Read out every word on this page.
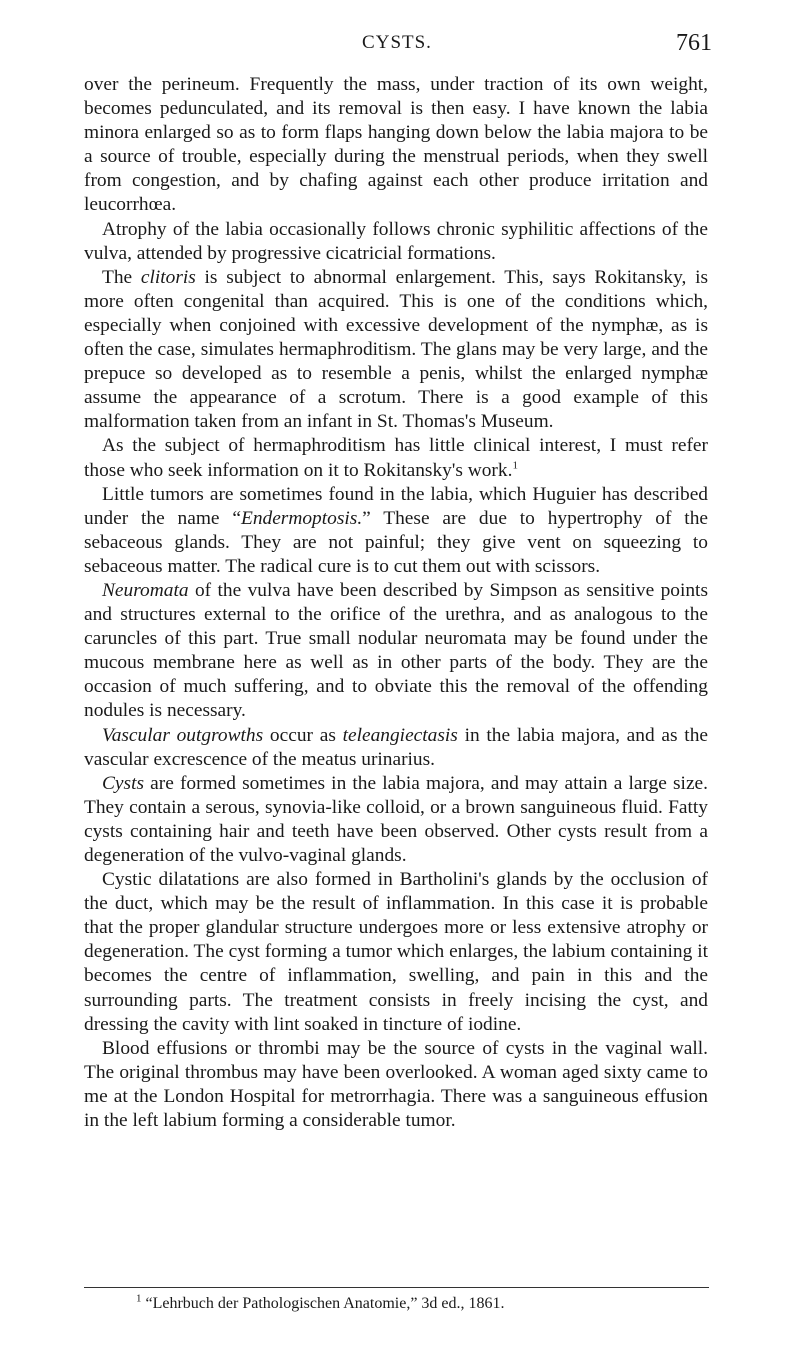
CYSTS.	761

over the perineum. Frequently the mass, under traction of its own weight, becomes pedunculated, and its removal is then easy. I have known the labia minora enlarged so as to form flaps hanging down below the labia majora to be a source of trouble, especially during the menstrual periods, when they swell from congestion, and by chafing against each other produce irritation and leucorrhœa.

Atrophy of the labia occasionally follows chronic syphilitic affections of the vulva, attended by progressive cicatricial formations.

The clitoris is subject to abnormal enlargement. This, says Rokitansky, is more often congenital than acquired. This is one of the conditions which, especially when conjoined with excessive development of the nymphæ, as is often the case, simulates hermaphroditism. The glans may be very large, and the prepuce so developed as to resemble a penis, whilst the enlarged nymphæ assume the appearance of a scrotum. There is a good example of this malformation taken from an infant in St. Thomas's Museum.

As the subject of hermaphroditism has little clinical interest, I must refer those who seek information on it to Rokitansky's work.$^1$

Little tumors are sometimes found in the labia, which Huguier has described under the name “Endermoptosis.” These are due to hypertrophy of the sebaceous glands. They are not painful; they give vent on squeezing to sebaceous matter. The radical cure is to cut them out with scissors.

Neuromata of the vulva have been described by Simpson as sensitive points and structures external to the orifice of the urethra, and as analogous to the caruncles of this part. True small nodular neuromata may be found under the mucous membrane here as well as in other parts of the body. They are the occasion of much suffering, and to obviate this the removal of the offending nodules is necessary.

Vascular outgrowths occur as teleangiectasis in the labia majora, and as the vascular excrescence of the meatus urinarius.

Cysts are formed sometimes in the labia majora, and may attain a large size. They contain a serous, synovia-like colloid, or a brown sanguineous fluid. Fatty cysts containing hair and teeth have been observed. Other cysts result from a degeneration of the vulvo-vaginal glands.

Cystic dilatations are also formed in Bartholini's glands by the occlusion of the duct, which may be the result of inflammation. In this case it is probable that the proper glandular structure undergoes more or less extensive atrophy or degeneration. The cyst forming a tumor which enlarges, the labium containing it becomes the centre of inflammation, swelling, and pain in this and the surrounding parts. The treatment consists in freely incising the cyst, and dressing the cavity with lint soaked in tincture of iodine.

Blood effusions or thrombi may be the source of cysts in the vaginal wall. The original thrombus may have been overlooked. A woman aged sixty came to me at the London Hospital for metrorrhagia. There was a sanguineous effusion in the left labium forming a considerable tumor.

$^1$ “Lehrbuch der Pathologischen Anatomie,” 3d ed., 1861.
